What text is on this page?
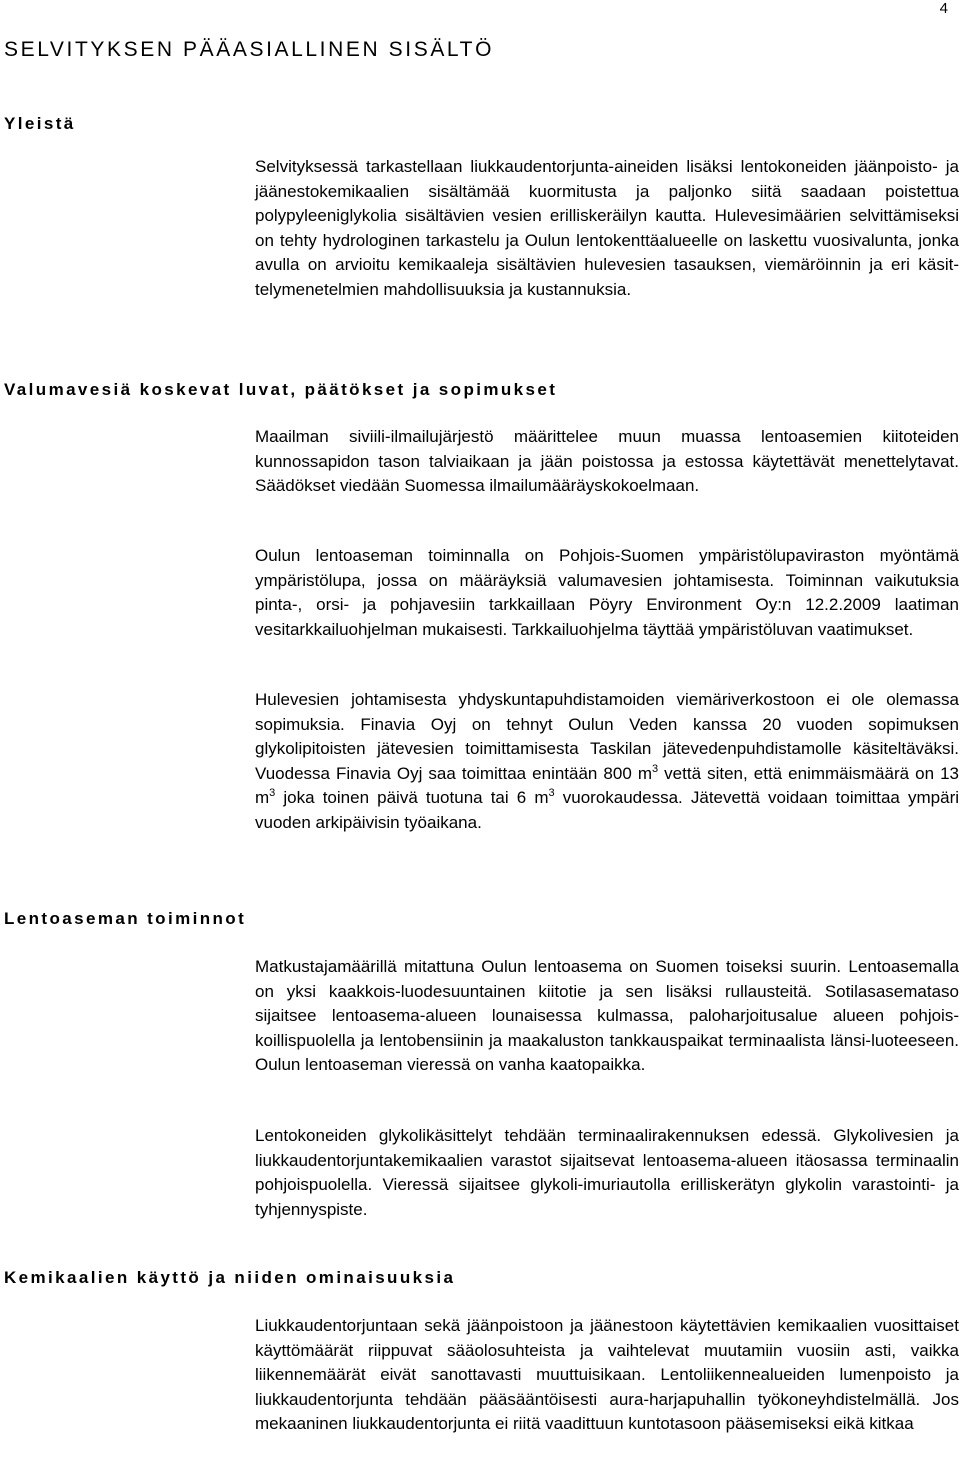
4
SELVITYKSEN PÄÄASIALLINEN SISÄLTÖ
Yleistä

Selvityksessä tarkastellaan liukkaudentorjunta-aineiden lisäksi lentokoneiden jäänpoisto- ja jäänestokemikaalien sisältämää kuormitusta ja paljonko siitä saadaan poistettua polypyleeniglykolia sisältävien vesien erilliskeräilyn kautta. Hulevesimäärien selvittämiseksi on tehty hydrologinen tarkastelu ja Oulun lentokenttäalueelle on laskettu vuosivalunta, jonka avulla on arvioitu kemikaaleja sisältävien hulevesien tasauksen, viemäröinnin ja eri käsittelymenetelmien mahdollisuuksia ja kustannuksia.

Valumavesiä koskevat luvat, päätökset ja sopimukset

Maailman siviili-ilmailujärjestö määrittelee muun muassa lentoasemien kiitoteiden kunnossapidon tason talviaikaan ja jään poistossa ja estossa käytettävät menettelytavat. Säädökset viedään Suomessa ilmailumääräyskokoelmaan.

Oulun lentoaseman toiminnalla on Pohjois-Suomen ympäristölupaviraston myöntämä ympäristölupa, jossa on määräyksiä valumavesien johtamisesta. Toiminnan vaikutuksia pinta-, orsi- ja pohjavesiin tarkkaillaan Pöyry Environment Oy:n 12.2.2009 laatiman vesitarkkailuohjelman mukaisesti. Tarkkailuohjelma täyttää ympäristöluvan vaatimukset.

Hulevesien johtamisesta yhdyskuntapuhdistamoiden viemäriverkostoon ei ole olemassa sopimuksia. Finavia Oyj on tehnyt Oulun Veden kanssa 20 vuoden sopimuksen glykolipitoisten jätevesien toimittamisesta Taskilan jätevedenpuhdistamolle käsiteltäväksi. Vuodessa Finavia Oyj saa toimittaa enintään 800 $m^3$ vettä siten, että enimmäismäärä on 13 $m^3$ joka toinen päivä tuotuna tai 6 $m^3$ vuorokaudessa. Jätevettä voidaan toimittaa ympäri vuoden arkipäivisin työaikana.

Lentoaseman toiminnot

Matkustajamäärillä mitattuna Oulun lentoasema on Suomen toiseksi suurin. Lentoasemalla on yksi kaakkois-luodesuuntainen kiitotie ja sen lisäksi rullausteitä. Sotilasasemataso sijaitsee lentoasema-alueen lounaisessa kulmassa, paloharjoitusalue alueen pohjois-koillispuolella ja lentobensiinin ja maakaluston tankkauspaikat terminaalista länsi-luoteeseen. Oulun lentoaseman vieressä on vanha kaatopaikka.

Lentokoneiden glykolikäsittelyt tehdään terminaalirakennuksen edessä. Glykolivesien ja liukkaudentorjuntakemikaalien varastot sijaitsevat lentoasema-alueen itäosassa terminaalin pohjoispuolella. Vieressä sijaitsee glykoli-imuriautolla erilliskerätyn glykolin varastointi- ja tyhjennyspiste.

Kemikaalien käyttö ja niiden ominaisuuksia

Liukkaudentorjuntaan sekä jäänpoistoon ja jäänestoon käytettävien kemikaalien vuosittaiset käyttömäärät riippuvat sääolosuhteista ja vaihtelevat muutamiin vuosiin asti, vaikka liikennemäärät eivät sanottavasti muuttuisikaan. Lentoliikennealueiden lumenpoisto ja liukkaudentorjunta tehdään pääsääntöisesti aura-harjapuhallin työkoneyhdistelmällä. Jos mekaaninen liukkaudentorjunta ei riitä vaadittuun kuntotasoon pääsemiseksi eikä kitkaa
